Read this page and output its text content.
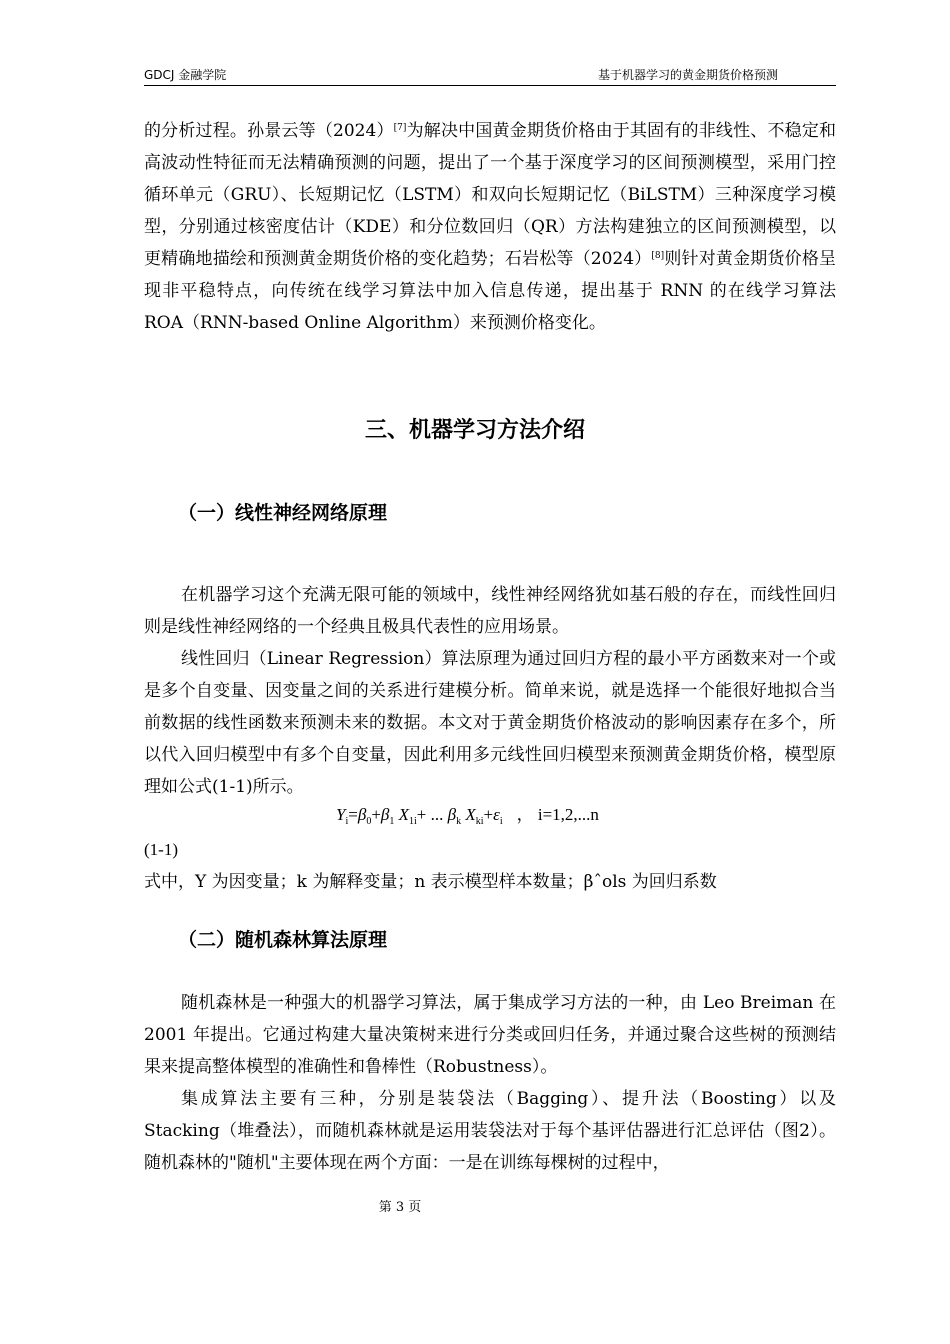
GDCJ 金融学院	基于机器学习的黄金期货价格预测

的分析过程。孙景云等（2024）[7]为解决中国黄金期货价格由于其固有的非线性、不稳定和高波动性特征而无法精确预测的问题，提出了一个基于深度学习的区间预测模型，采用门控循环单元（GRU）、长短期记忆（LSTM）和双向长短期记忆（BiLSTM）三种深度学习模型，分别通过核密度估计（KDE）和分位数回归（QR）方法构建独立的区间预测模型，以更精确地描绘和预测黄金期货价格的变化趋势；石岩松等（2024）[8]则针对黄金期货价格呈现非平稳特点，向传统在线学习算法中加入信息传递，提出基于 RNN 的在线学习算法 ROA（RNN-based Online Algorithm）来预测价格变化。

三、机器学习方法介绍
（一）线性神经网络原理

在机器学习这个充满无限可能的领域中，线性神经网络犹如基石般的存在，而线性回归则是线性神经网络的一个经典且极具代表性的应用场景。

线性回归（Linear Regression）算法原理为通过回归方程的最小平方函数来对一个或是多个自变量、因变量之间的关系进行建模分析。简单来说，就是选择一个能很好地拟合当前数据的线性函数来预测未来的数据。本文对于黄金期货价格波动的影响因素存在多个，所以代入回归模型中有多个自变量，因此利用多元线性回归模型来预测黄金期货价格，模型原理如公式(1-1)所示。

$Y_i=\beta_0+\beta_1$ $X_{1i}+$ ... $\beta_k$ $X_{ki}+\varepsilon_i$ ， i=1,2,...n
(1-1)

式中，Y 为因变量；k 为解释变量；n 表示模型样本数量；βˆols 为回归系数

（二）随机森林算法原理

随机森林是一种强大的机器学习算法，属于集成学习方法的一种，由 Leo Breiman 在 2001 年提出。它通过构建大量决策树来进行分类或回归任务，并通过聚合这些树的预测结果来提高整体模型的准确性和鲁棒性（Robustness）。

集成算法主要有三种，分别是装袋法（Bagging）、提升法（Boosting）以及 Stacking（堆叠法），而随机森林就是运用装袋法对于每个基评估器进行汇总评估（图2）。随机森林的"随机"主要体现在两个方面：一是在训练每棵树的过程中，

第 3 页
